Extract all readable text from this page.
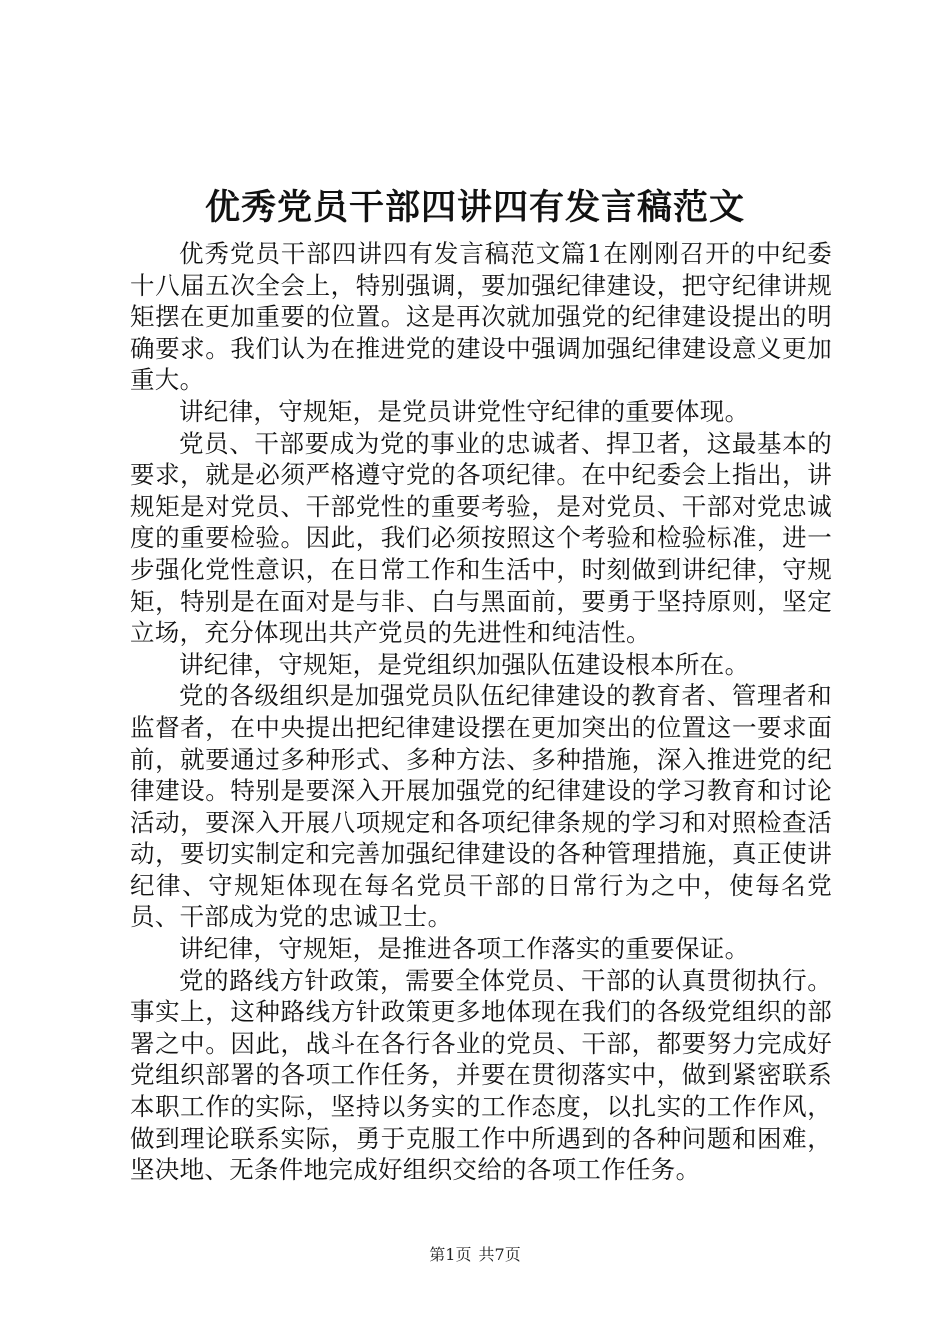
优秀党员干部四讲四有发言稿范文

优秀党员干部四讲四有发言稿范文篇1在刚刚召开的中纪委十八届五次全会上，特别强调，要加强纪律建设，把守纪律讲规矩摆在更加重要的位置。这是再次就加强党的纪律建设提出的明确要求。我们认为在推进党的建设中强调加强纪律建设意义更加重大。

讲纪律，守规矩，是党员讲党性守纪律的重要体现。

党员、干部要成为党的事业的忠诚者、捍卫者，这最基本的要求，就是必须严格遵守党的各项纪律。在中纪委会上指出，讲规矩是对党员、干部党性的重要考验，是对党员、干部对党忠诚度的重要检验。因此，我们必须按照这个考验和检验标准，进一步强化党性意识，在日常工作和生活中，时刻做到讲纪律，守规矩，特别是在面对是与非、白与黑面前，要勇于坚持原则，坚定立场，充分体现出共产党员的先进性和纯洁性。

讲纪律，守规矩，是党组织加强队伍建设根本所在。

党的各级组织是加强党员队伍纪律建设的教育者、管理者和监督者，在中央提出把纪律建设摆在更加突出的位置这一要求面前，就要通过多种形式、多种方法、多种措施，深入推进党的纪律建设。特别是要深入开展加强党的纪律建设的学习教育和讨论活动，要深入开展八项规定和各项纪律条规的学习和对照检查活动，要切实制定和完善加强纪律建设的各种管理措施，真正使讲纪律、守规矩体现在每名党员干部的日常行为之中，使每名党员、干部成为党的忠诚卫士。

讲纪律，守规矩，是推进各项工作落实的重要保证。

党的路线方针政策，需要全体党员、干部的认真贯彻执行。事实上，这种路线方针政策更多地体现在我们的各级党组织的部署之中。因此，战斗在各行各业的党员、干部，都要努力完成好党组织部署的各项工作任务，并要在贯彻落实中，做到紧密联系本职工作的实际，坚持以务实的工作态度，以扎实的工作作风，做到理论联系实际，勇于克服工作中所遇到的各种问题和困难，坚决地、无条件地完成好组织交给的各项工作任务。

第1页 共7页
